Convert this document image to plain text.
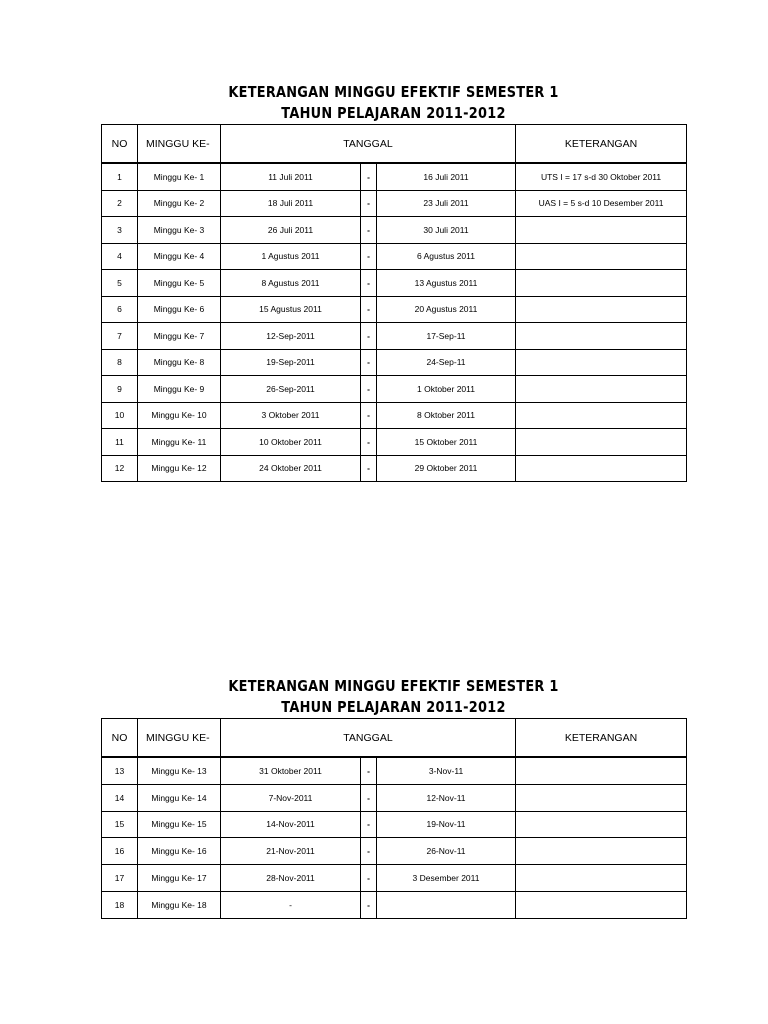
KETERANGAN MINGGU EFEKTIF SEMESTER 1
TAHUN PELAJARAN 2011-2012
NO	MINGGU KE-	TANGGAL			KETERANGAN
1	Minggu Ke- 1	11 Juli 2011	-	16 Juli 2011	UTS I = 17 s-d 30 Oktober 2011
2	Minggu Ke- 2	18 Juli 2011	-	23 Juli 2011	UAS I = 5 s-d 10 Desember 2011
3	Minggu Ke- 3	26 Juli 2011	-	30 Juli 2011	
4	Minggu Ke- 4	1 Agustus 2011	-	6 Agustus 2011	
5	Minggu Ke- 5	8 Agustus 2011	-	13 Agustus 2011	
6	Minggu Ke- 6	15 Agustus 2011	-	20 Agustus 2011	
7	Minggu Ke- 7	12-Sep-2011	-	17-Sep-11	
8	Minggu Ke- 8	19-Sep-2011	-	24-Sep-11	
9	Minggu Ke- 9	26-Sep-2011	-	1 Oktober 2011	
10	Minggu Ke- 10	3 Oktober 2011	-	8 Oktober 2011	
11	Minggu Ke- 11	10 Oktober 2011	-	15 Oktober 2011	
12	Minggu Ke- 12	24 Oktober 2011	-	29 Oktober 2011	
KETERANGAN MINGGU EFEKTIF SEMESTER 1
TAHUN PELAJARAN 2011-2012
NO	MINGGU KE-	TANGGAL			KETERANGAN
13	Minggu Ke- 13	31 Oktober 2011	-	3-Nov-11	
14	Minggu Ke- 14	7-Nov-2011	-	12-Nov-11	
15	Minggu Ke- 15	14-Nov-2011	-	19-Nov-11	
16	Minggu Ke- 16	21-Nov-2011	-	26-Nov-11	
17	Minggu Ke- 17	28-Nov-2011	-	3 Desember 2011	
18	Minggu Ke- 18	-	-		
